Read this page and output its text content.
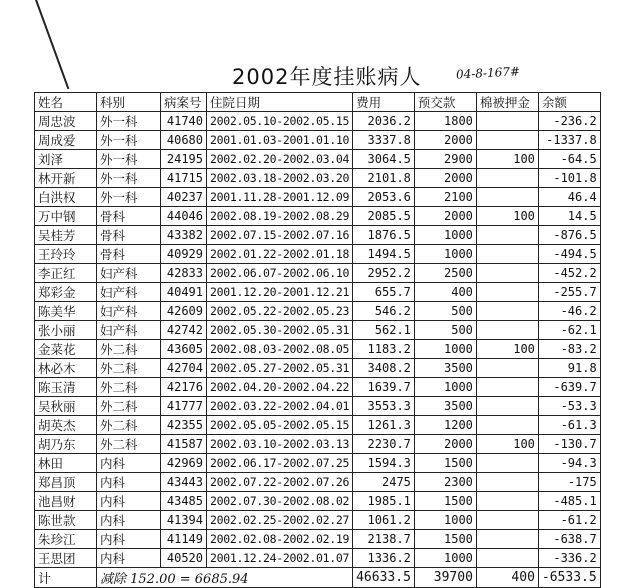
2002年度挂账病人	04-8-167#
姓名	科别	病案号	住院日期	费用	预交款	棉被押金	余额
周忠波	外一科	41740	2002.05.10-2002.05.15	2036.2	1800		-236.2
周成爱	外一科	40680	2001.01.03-2001.01.10	3337.8	2000		-1337.8
刘泽	外一科	24195	2002.02.20-2002.03.04	3064.5	2900	100	-64.5
林开新	外一科	41715	2002.03.18-2002.03.20	2101.8	2000		-101.8
白洪权	外一科	40237	2001.11.28-2001.12.09	2053.6	2100		46.4
万中钢	骨科	44046	2002.08.19-2002.08.29	2085.5	2000	100	14.5
吴桂芳	骨科	43382	2002.07.15-2002.07.16	1876.5	1000		-876.5
王玲玲	骨科	40929	2002.01.22-2002.01.18	1494.5	1000		-494.5
李正红	妇产科	42833	2002.06.07-2002.06.10	2952.2	2500		-452.2
郑彩金	妇产科	40491	2001.12.20-2001.12.21	655.7	400		-255.7
陈美华	妇产科	42609	2002.05.22-2002.05.23	546.2	500		-46.2
张小丽	妇产科	42742	2002.05.30-2002.05.31	562.1	500		-62.1
金菜花	外二科	43605	2002.08.03-2002.08.05	1183.2	1000	100	-83.2
林必木	外二科	42704	2002.05.27-2002.05.31	3408.2	3500		91.8
陈玉清	外二科	42176	2002.04.20-2002.04.22	1639.7	1000		-639.7
吴秋丽	外二科	41777	2002.03.22-2002.04.01	3553.3	3500		-53.3
胡英杰	外二科	42355	2002.05.05-2002.05.15	1261.3	1200		-61.3
胡乃东	外二科	41587	2002.03.10-2002.03.13	2230.7	2000	100	-130.7
林田	内科	42969	2002.06.17-2002.07.25	1594.3	1500		-94.3
郑昌顶	内科	43443	2002.07.22-2002.07.26	2475	2300		-175
池昌财	内科	43485	2002.07.30-2002.08.02	1985.1	1500		-485.1
陈世款	内科	41394	2002.02.25-2002.02.27	1061.2	1000		-61.2
朱珍江	内科	41149	2002.02.08-2002.02.19	2138.7	1500		-638.7
王思团	内科	40520	2001.12.24-2002.01.07	1336.2	1000		-336.2
计	减除 152.00 = 6685.94			46633.5	39700	400	-6533.5
